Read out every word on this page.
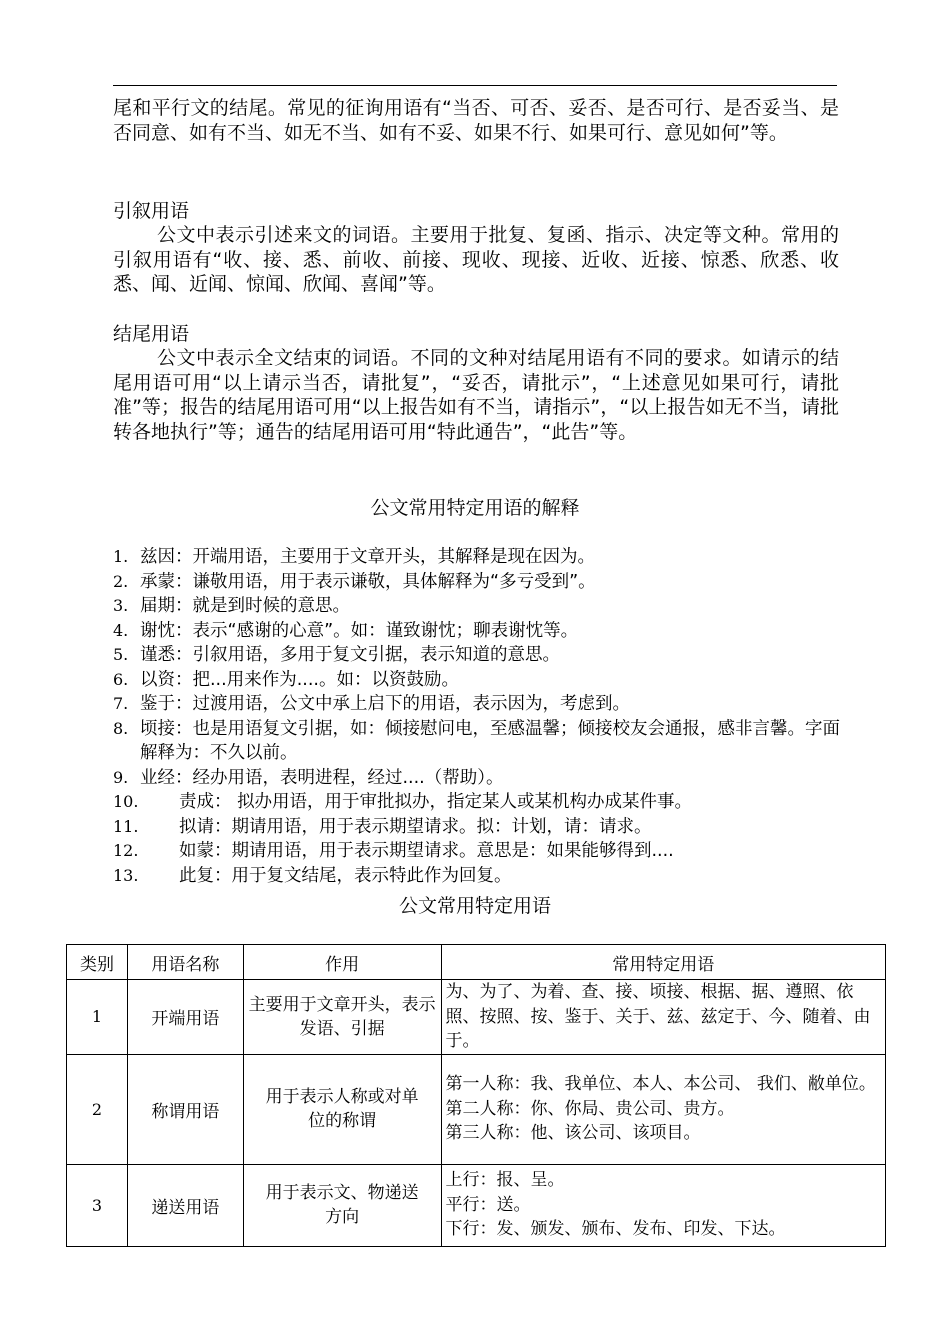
尾和平行文的结尾。常见的征询用语有“当否、可否、妥否、是否可行、是否妥当、是否同意、如有不当、如无不当、如有不妥、如果不行、如果可行、意见如何”等。

引叙用语

公文中表示引述来文的词语。主要用于批复、复函、指示、决定等文种。常用的引叙用语有“收、接、悉、前收、前接、现收、现接、近收、近接、惊悉、欣悉、收悉、闻、近闻、惊闻、欣闻、喜闻”等。

结尾用语

公文中表示全文结束的词语。不同的文种对结尾用语有不同的要求。如请示的结尾用语可用“以上请示当否，请批复”，“妥否，请批示”，“上述意见如果可行，请批准”等；报告的结尾用语可用“以上报告如有不当，请指示”，“以上报告如无不当，请批转各地执行”等；通告的结尾用语可用“特此通告”，“此告”等。

公文常用特定用语的解释
1. 兹因：开端用语，主要用于文章开头，其解释是现在因为。
2. 承蒙：谦敬用语，用于表示谦敬，具体解释为“多亏受到”。
3. 届期：就是到时候的意思。
4. 谢忱：表示“感谢的心意”。如：谨致谢忱；聊表谢忱等。
5. 谨悉：引叙用语，多用于复文引据，表示知道的意思。
6. 以资：把...用来作为....。如：以资鼓励。
7. 鉴于：过渡用语，公文中承上启下的用语，表示因为，考虑到。
8. 顷接：也是用语复文引据，如：倾接慰问电，至感温馨；倾接校友会通报，感非言馨。字面解释为：不久以前。
9. 业经：经办用语，表明进程，经过....（帮助）。
10. 责成： 拟办用语，用于审批拟办，指定某人或某机构办成某件事。
11. 拟请：期请用语，用于表示期望请求。拟：计划，请：请求。
12. 如蒙：期请用语，用于表示期望请求。意思是：如果能够得到....
13. 此复：用于复文结尾，表示特此作为回复。
公文常用特定用语
类别	用语名称	作用	常用特定用语
1	开端用语	主要用于文章开头，表示发语、引据	为、为了、为着、查、接、顷接、根据、据、遵照、依照、按照、按、鉴于、关于、兹、兹定于、今、随着、由于。

2	称谓用语	用于表示人称或对单位的称谓	第一人称：我、我单位、本人、本公司、 我们、敝单位。
第二人称：你、你局、贵公司、贵方。
第三人称：他、该公司、该项目。

3	递送用语	用于表示文、物递送方向	上行：报、呈。
平行：送。
下行：发、颁发、颁布、发布、印发、下达。
